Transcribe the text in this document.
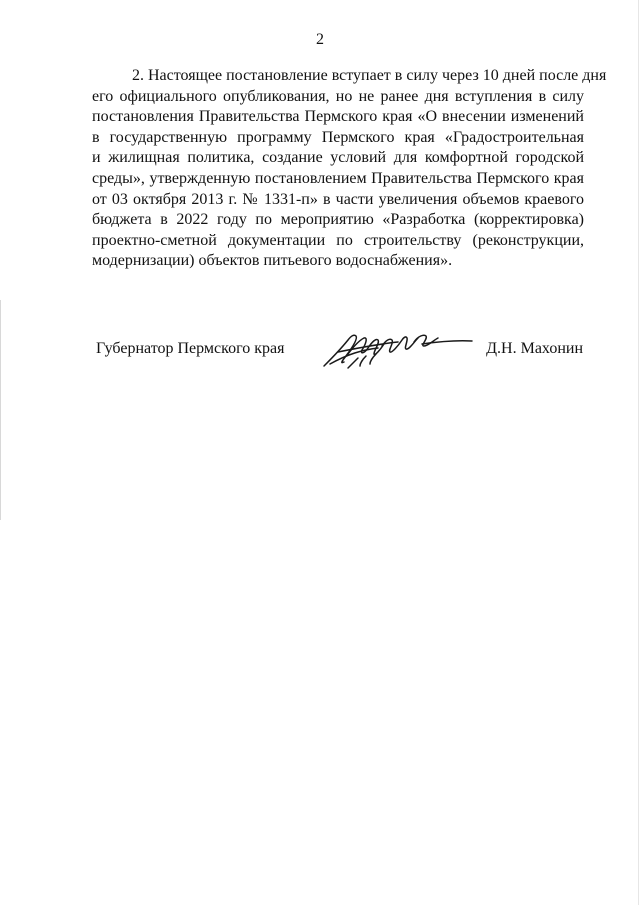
2
2. Настоящее постановление вступает в силу через 10 дней после дня
его официального опубликования, но не ранее дня вступления в силу
постановления Правительства Пермского края «О внесении изменений
в государственную программу Пермского края «Градостроительная
и жилищная политика, создание условий для комфортной городской
среды», утвержденную постановлением Правительства Пермского края
от 03 октября 2013 г. № 1331-п» в части увеличения объемов краевого
бюджета в 2022 году по мероприятию «Разработка (корректировка)
проектно-сметной документации по строительству (реконструкции,
модернизации) объектов питьевого водоснабжения».
Губернатор Пермского края	Д.Н. Махонин
